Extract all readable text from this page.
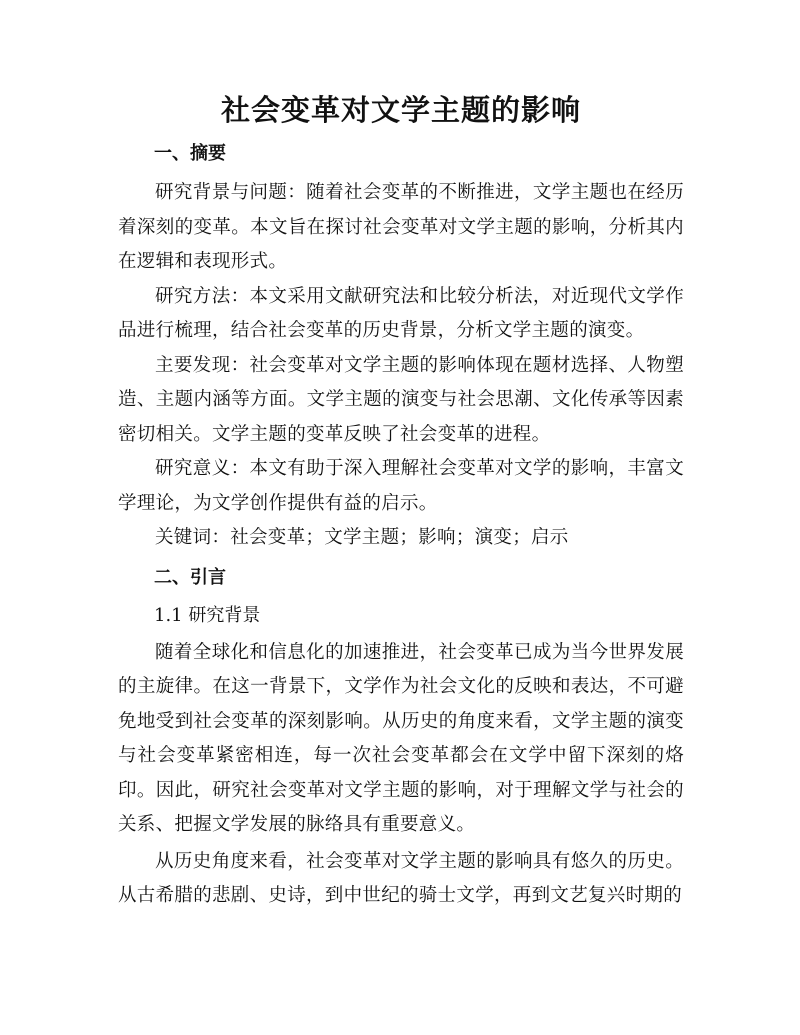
社会变革对文学主题的影响
一、摘要

研究背景与问题：随着社会变革的不断推进，文学主题也在经历着深刻的变革。本文旨在探讨社会变革对文学主题的影响，分析其内在逻辑和表现形式。

研究方法：本文采用文献研究法和比较分析法，对近现代文学作品进行梳理，结合社会变革的历史背景，分析文学主题的演变。

主要发现：社会变革对文学主题的影响体现在题材选择、人物塑造、主题内涵等方面。文学主题的演变与社会思潮、文化传承等因素密切相关。文学主题的变革反映了社会变革的进程。

研究意义：本文有助于深入理解社会变革对文学的影响，丰富文学理论，为文学创作提供有益的启示。

关键词：社会变革；文学主题；影响；演变；启示

二、引言
1.1 研究背景

随着全球化和信息化的加速推进，社会变革已成为当今世界发展的主旋律。在这一背景下，文学作为社会文化的反映和表达，不可避免地受到社会变革的深刻影响。从历史的角度来看，文学主题的演变与社会变革紧密相连，每一次社会变革都会在文学中留下深刻的烙印。因此，研究社会变革对文学主题的影响，对于理解文学与社会的关系、把握文学发展的脉络具有重要意义。

从历史角度来看，社会变革对文学主题的影响具有悠久的历史。从古希腊的悲剧、史诗，到中世纪的骑士文学，再到文艺复兴时期的
